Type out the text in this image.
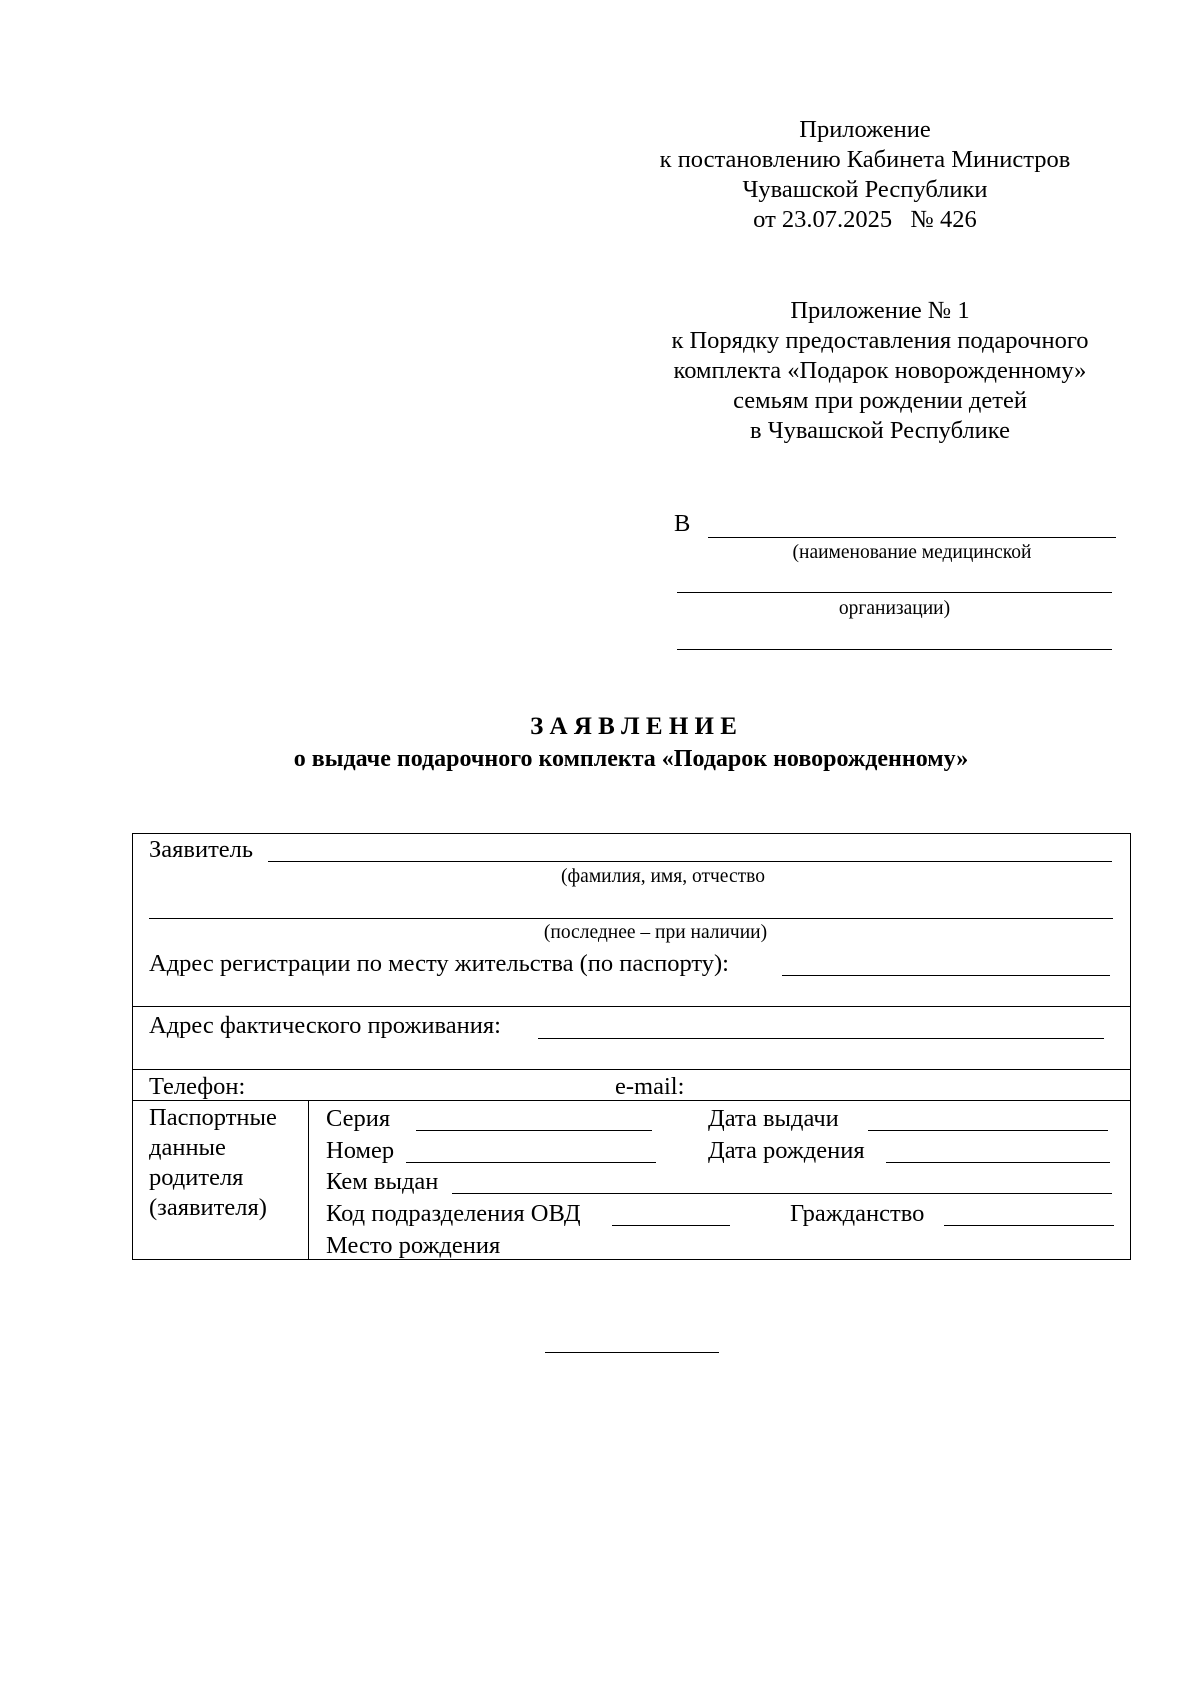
Приложение
к постановлению Кабинета Министров
Чувашской Республики
от 23.07.2025   № 426
Приложение № 1
к Порядку предоставления подарочного
комплекта «Подарок новорожденному»
семьям при рождении детей
в Чувашской Республике
В
(наименование медицинской
организации)
З А Я В Л Е Н И Е
о выдаче подарочного комплекта «Подарок новорожденному»
Заявитель
(фамилия, имя, отчество
(последнее – при наличии)
Адрес регистрации по месту жительства (по паспорту):
Адрес фактического проживания:
Телефон:	e-mail:
Паспортные
данные
родителя
(заявителя)
Серия	Дата выдачи
Номер	Дата рождения
Кем выдан
Код подразделения ОВД	Гражданство
Место рождения
